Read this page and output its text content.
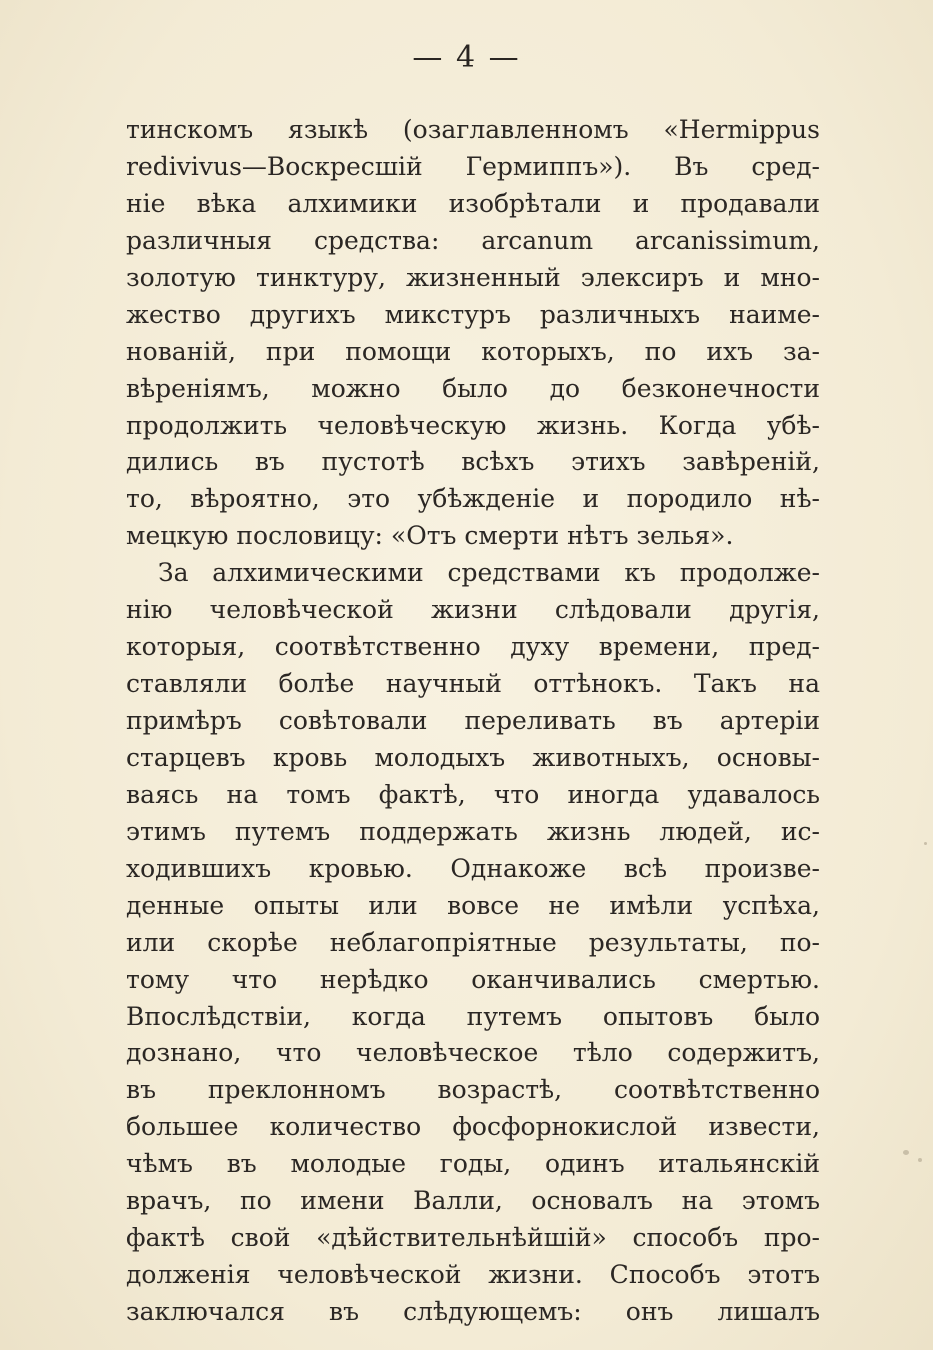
— 4 —
тинскомъ языкѣ (озаглавленномъ «Hermippus
redivivus—Воскресшій Гермиппъ»). Въ сред-
ніе вѣка алхимики изобрѣтали и продавали
различныя средства: arcanum arcanissimum,
золотую тинктуру, жизненный элексиръ и мно-
жество другихъ микстуръ различныхъ наиме-
нованій, при помощи которыхъ, по ихъ за-
вѣреніямъ, можно было до безконечности
продолжить человѣческую жизнь. Когда убѣ-
дились въ пустотѣ всѣхъ этихъ завѣреній,
то, вѣроятно, это убѣжденіе и породило нѣ-
мецкую пословицу: «Отъ смерти нѣтъ зелья».
За алхимическими средствами къ продолже-
нію человѣческой жизни слѣдовали другія,
которыя, соотвѣтственно духу времени, пред-
ставляли болѣе научный оттѣнокъ. Такъ на
примѣръ совѣтовали переливать въ артеріи
старцевъ кровь молодыхъ животныхъ, основы-
ваясь на томъ фактѣ, что иногда удавалось
этимъ путемъ поддержать жизнь людей, ис-
ходившихъ кровью. Однакоже всѣ произве-
денные опыты или вовсе не имѣли успѣха,
или скорѣе неблагопріятные результаты, по-
тому что нерѣдко оканчивались смертью.
Впослѣдствіи, когда путемъ опытовъ было
дознано, что человѣческое тѣло содержитъ,
въ преклонномъ возрастѣ, соотвѣтственно
большее количество фосфорнокислой извести,
чѣмъ въ молодые годы, одинъ итальянскій
врачъ, по имени Валли, основалъ на этомъ
фактѣ свой «дѣйствительнѣйшій» способъ про-
долженія человѣческой жизни. Способъ этотъ
заключался въ слѣдующемъ: онъ лишалъ
